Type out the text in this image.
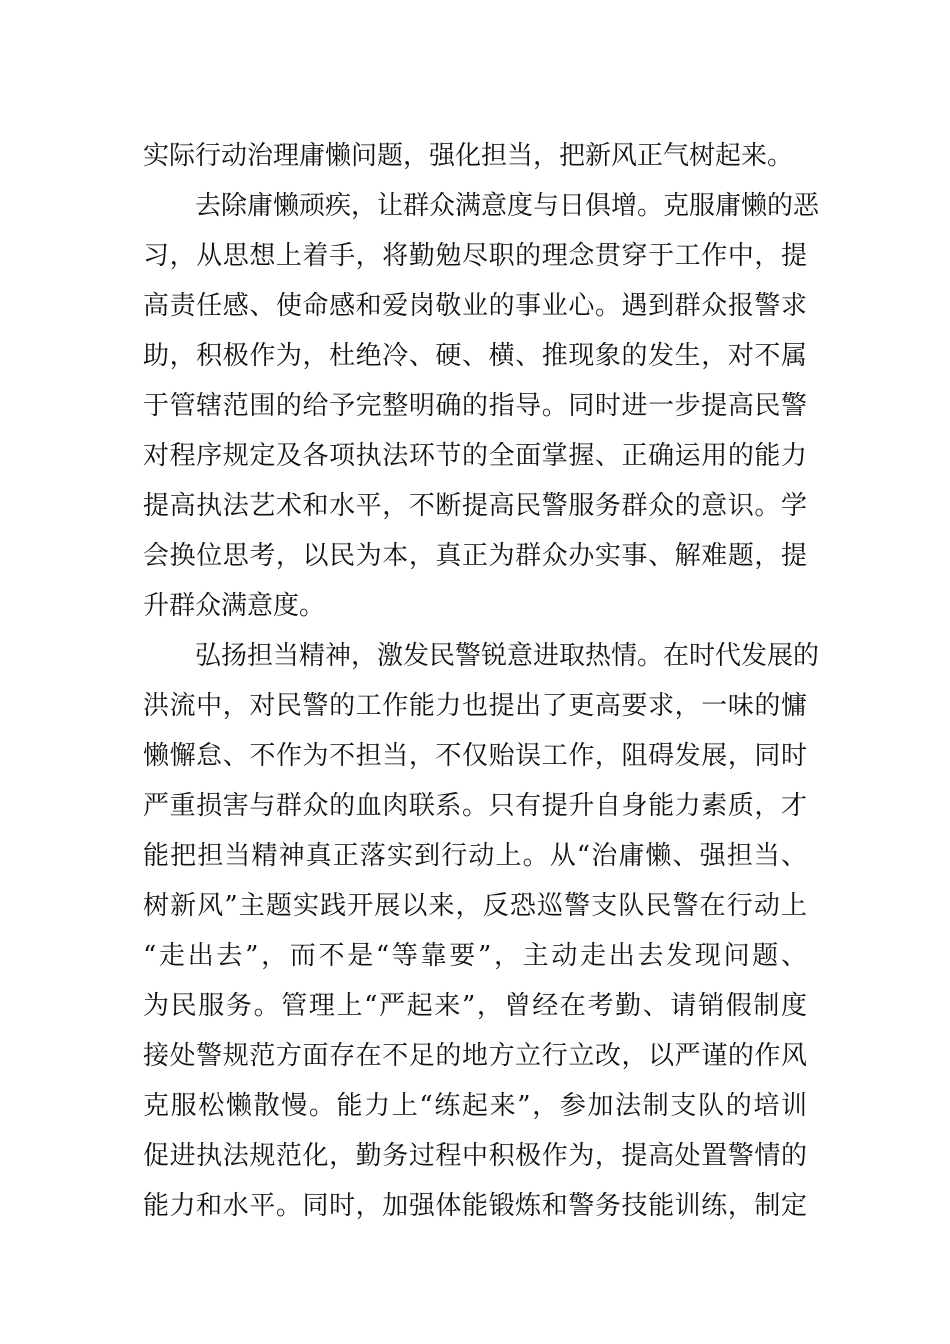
实际行动治理庸懒问题，强化担当，把新风正气树起来。
去除庸懒顽疾，让群众满意度与日俱增。克服庸懒的恶
习，从思想上着手，将勤勉尽职的理念贯穿于工作中，提
高责任感、使命感和爱岗敬业的事业心。遇到群众报警求
助，积极作为，杜绝冷、硬、横、推现象的发生，对不属
于管辖范围的给予完整明确的指导。同时进一步提高民警
对程序规定及各项执法环节的全面掌握、正确运用的能力
提高执法艺术和水平，不断提高民警服务群众的意识。学
会换位思考，以民为本，真正为群众办实事、解难题，提
升群众满意度。
弘扬担当精神，激发民警锐意进取热情。在时代发展的
洪流中，对民警的工作能力也提出了更高要求，一味的慵
懒懈怠、不作为不担当，不仅贻误工作，阻碍发展，同时
严重损害与群众的血肉联系。只有提升自身能力素质，才
能把担当精神真正落实到行动上。从“治庸懒、强担当、
树新风”主题实践开展以来，反恐巡警支队民警在行动上
“走出去”，而不是“等靠要”，主动走出去发现问题、
为民服务。管理上“严起来”，曾经在考勤、请销假制度
接处警规范方面存在不足的地方立行立改，以严谨的作风
克服松懒散慢。能力上“练起来”，参加法制支队的培训
促进执法规范化，勤务过程中积极作为，提高处置警情的
能力和水平。同时，加强体能锻炼和警务技能训练，制定
